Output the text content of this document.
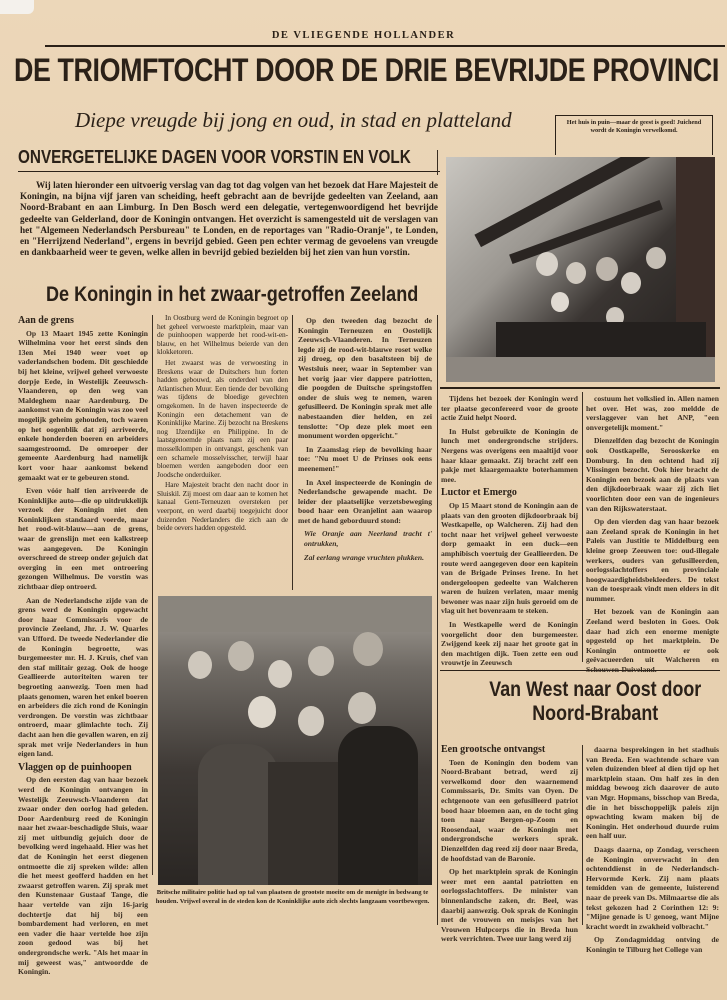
DE VLIEGENDE HOLLANDER
DE TRIOMFTOCHT DOOR DE DRIE BEVRIJDE PROVINCI
Diepe vreugde bij jong en oud, in stad en platteland	Het huis in puin—maar de geest is goed! Juichend wordt de Koningin verwelkomd.
ONVERGETELIJKE DAGEN VOOR VORSTIN EN VOLK

Wij laten hieronder een uitvoerig verslag van dag tot dag volgen van het bezoek dat Hare Majesteit de Koningin, na bijna vijf jaren van scheiding, heeft gebracht aan de bevrijde gedeelten van Zeeland, aan Noord-Brabant en aan Limburg. In Den Bosch werd een delegatie, vertegenwoordigend het bevrijde gedeelte van Gelderland, door de Koningin ontvangen. Het overzicht is samengesteld uit de verslagen van het "Algemeen Nederlandsch Persbureau" te Londen, en de reportages van "Radio-Oranje", te Londen, en "Herrijzend Nederland", ergens in bevrijd gebied. Geen pen echter vermag de gevoelens van vreugde en dankbaarheid weer te geven, welke allen in bevrijd gebied bezielden bij het zien van hun vorstin.

De Koningin in het zwaar-getroffen Zeeland
Aan de grens

Op 13 Maart 1945 zette Koningin Wilhelmina voor het eerst sinds den 13en Mei 1940 weer voet op vaderlandschen bodem. Dit geschiedde bij het kleine, vrijwel geheel verwoeste dorpje Eede, in Westelijk Zeeuwsch-Vlaanderen, op den weg van Maldeghem naar Aardenburg. De aankomst van de Koningin was zoo veel mogelijk geheim gehouden, toch waren op het oogenblik dat zij arriveerde, enkele honderden boeren en arbeiders saamgestroomd. De omroeper der gemeente Aardenburg had namelijk kort voor haar aankomst bekend gemaakt wat er te gebeuren stond.

Even vóór half tien arriveerde de Koninklijke auto—die op uitdrukkelijk verzoek der Koningin niet den Koninklijken standaard voerde, maar het rood-wit-blauw—aan de grens, waar de grenslijn met een kalkstreep was aangegeven. De Koningin overschreed de streep onder gejuich dat overging in een met ontroering gezongen Wilhelmus. De vorstin was zichtbaar diep ontroerd.

Aan de Nederlandsche zijde van de grens werd de Koningin opgewacht door haar Commissaris voor de provincie Zeeland, Jhr. J. W. Quarles van Ufford. De tweede Nederlander die de Koningin begroette, was burgemeester mr. H. J. Kruis, chef van den staf militair gezag. Ook de hooge Geallieerde autoriteiten waren ter begroeting aanwezig. Toen men had plaats genomen, waren het enkel boeren en arbeiders die zich rond de Koningin verdrongen. De vorstin was zichtbaar ontroerd, maar glimlachte toch. Zij dacht aan hen die gevallen waren, en zij sprak met vrije Nederlanders in hun eigen land.

Vlaggen op de puinhoopen

Op den eersten dag van haar bezoek werd de Koningin ontvangen in Westelijk Zeeuwsch-Vlaanderen dat zwaar onder den oorlog had geleden. Door Aardenburg reed de Koningin naar het zwaar-beschadigde Sluis, waar zij met uitbundig gejuich door de bevolking werd ingehaald. Hier was het dat de Koningin het eerst diegenen ontmoette die zij spreken wilde: allen die het meest geofferd hadden en het zwaarst getroffen waren. Zij sprak met den Kunstenaar Gustaaf Tange, die haar vertelde van zijn 16-jarig dochtertje dat hij bij een bombardement had verloren, en met een vader die haar vertelde hoe zijn zoon gedood was bij het ondergrondsche werk. "Als het maar in mij geweest was," antwoordde de Koningin.

In Oostburg werd de Koningin begroet op het geheel verwoeste marktplein, maar van de puinhoopen wapperde het rood-wit-en-blauw, en het Wilhelmus beierde van den klokketoren.

Het zwaarst was de verwoesting in Breskens waar de Duitschers hun forten hadden gebouwd, als onderdeel van den Atlantischen Muur. Een tiende der bevolking was tijdens de bloedige gevechten omgekomen. In de haven inspecteerde de Koningin een detachement van de Koninklijke Marine. Zij bezocht na Breskens nog IJzendijke en Philippine. In de laatstgenoemde plaats nam zij een paar mosselklompen in ontvangst, geschenk van een schamele mosselvisscher, terwijl haar bloemen werden aangeboden door een Joodsche onderduiker.

Hare Majesteit bracht den nacht door in Sluiskil. Zij moest om daar aan te komen het kanaal Gent-Terneuzen oversteken per veerpont, en werd daarbij toegejuicht door duizenden Nederlanders die zich aan de beide oevers hadden opgesteld.

Op den tweeden dag bezocht de Koningin Terneuzen en Oostelijk Zeeuwsch-Vlaanderen. In Terneuzen legde zij de rood-wit-blauwe roset welke zij droeg, op den basaltsteen bij de Westsluis neer, waar in September van het vorig jaar vier dappere patriotten, die poogden de Duitsche springstoffen onder de sluis weg te nemen, waren gefusilleerd. De Koningin sprak met alle nabestaanden dier helden, en zei tenslotte: "Op deze plek moet een monument worden opgericht."

In Zaamslag riep de bevolking haar toe: "Nu moet U de Prinses ook eens meenemen!"

In Axel inspecteerde de Koningin de Nederlandsche gewapende macht. De leider der plaatselijke verzetsbeweging bood haar een Oranjelint aan waarop met de hand geborduurd stond:

Wie Oranje aan Neerland tracht t' ontrukken,

Zal eerlang wrange vruchten plukken.

Britsche militaire politie had op tal van plaatsen de grootste moeite om de menigte in bedwang te houden. Vrijwel overal in de steden kon de Koninklijke auto zich slechts langzaam voortbewegen.

Tijdens het bezoek der Koningin werd ter plaatse geconfereerd voor de groote actie Zuid helpt Noord.

In Hulst gebruikte de Koningin de lunch met ondergrondsche strijders. Nergens was overigens een maaltijd voor haar klaar gemaakt. Zij bracht zelf een pakje met klaargemaakte boterhammen mee.

Luctor et Emergo

Op 15 Maart stond de Koningin aan de plaats van den grooten dijkdoorbraak bij Westkapelle, op Walcheren. Zij had den tocht naar het vrijwel geheel verwoeste dorp gemaakt in een duck—een amphibisch voertuig der Geallieerden. De route werd aangegeven door een kapitein van de Brigade Prinses Irene. In het ondergeloopen gedeelte van Walcheren waren de huizen verlaten, maar menig bewoner was naar zijn huis geroeid om de vlag uit het bovenraam te steken.

In Westkapelle werd de Koningin voorgelicht door den burgemeester. Zwijgend keek zij naar het groote gat in den machtigen dijk. Toen zette een oud vrouwtje in Zeeuwsch

costuum het volkslied in. Allen namen het over. Het was, zoo meldde de verslaggever van het ANP, "een onvergetelijk moment."

Dienzelfden dag bezocht de Koningin ook Oostkapelle, Serooskerke en Domburg. In den ochtend had zij Vlissingen bezocht. Ook hier bracht de Koningin een bezoek aan de plaats van den dijkdoorbraak waar zij zich liet voorlichten door een van de ingenieurs van den Rijkswaterstaat.

Op den vierden dag van haar bezoek aan Zeeland sprak de Koningin in het Paleis van Justitie te Middelburg een kleine groep Zeeuwen toe: oud-illegale werkers, ouders van gefusilleerden, oorlogsslachtoffers en provinciale hoogwaardigheidsbekleeders. De tekst van de toespraak vindt men elders in dit nummer.

Het bezoek van de Koningin aan Zeeland werd besloten in Goes. Ook daar had zich een enorme menigte opgesteld op het marktplein. De Koningin ontmoette er ook geëvacueerden uit Walcheren en

Van West naar Oost door
Noord-Brabant
Een grootsche ontvangst

Toen de Koningin den bodem van Noord-Brabant betrad, werd zij verwelkomd door den waarnemend Commissaris, Dr. Smits van Oyen. De echtgenoote van een gefusilleerd patriot bood haar bloemen aan, en de tocht ging toen naar Bergen-op-Zoom en Roosendaal, waar de Koningin met ondergrondsche werkers sprak. Dienzelfden dag reed zij door naar Breda, de hoofdstad van de Baronie.

Op het marktplein sprak de Koningin weer met een aantal patriotten en oorlogsslachtoffers. De minister van binnenlandsche zaken, dr. Beel, was daarbij aanwezig. Ook sprak de Koningin met de vrouwen en meisjes van het Vrouwen Hulpcorps die in Breda hun werk verrichten. Twee uur lang werd zij

daarna besprekingen in het stadhuis van Breda. Een wachtende schare van velen duizenden bleef al dien tijd op het marktplein staan. Om half zes in den middag bewoog zich daarover de auto van Mgr. Hopmans, bisschop van Breda, die in het bisschoppelijk paleis zijn opwachting kwam maken bij de Koningin. Het onderhoud duurde ruim een half uur.

Daags daarna, op Zondag, verscheen de Koningin onverwacht in den ochtenddienst in de Nederlandsch-Hervormde Kerk. Zij nam plaats temidden van de gemeente, luisterend naar de preek van Ds. Milmaartse die als tekst gekozen had 2 Corinthen 12: 9: "Mijne genade is U genoeg, want Mijne kracht wordt in zwakheid volbracht."

Op Zondagmiddag ontving de Koningin te Tilburg het College van
